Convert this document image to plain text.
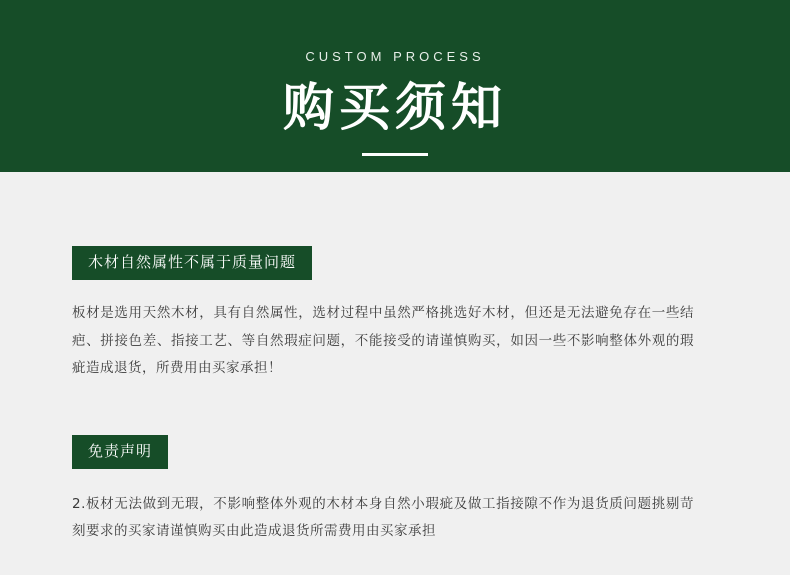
CUSTOM PROCESS
购买须知
木材自然属性不属于质量问题
板材是选用天然木材，具有自然属性，选材过程中虽然严格挑选好木材，但还是无法避免存在一些结疤、拼接色差、指接工艺、等自然瑕症问题，不能接受的请谨慎购买，如因一些不影响整体外观的瑕疵造成退货，所费用由买家承担！
免责声明
2.板材无法做到无瑕，不影响整体外观的木材本身自然小瑕疵及做工指接隙不作为退货质问题挑剔苛刻要求的买家请谨慎购买由此造成退货所需费用由买家承担
